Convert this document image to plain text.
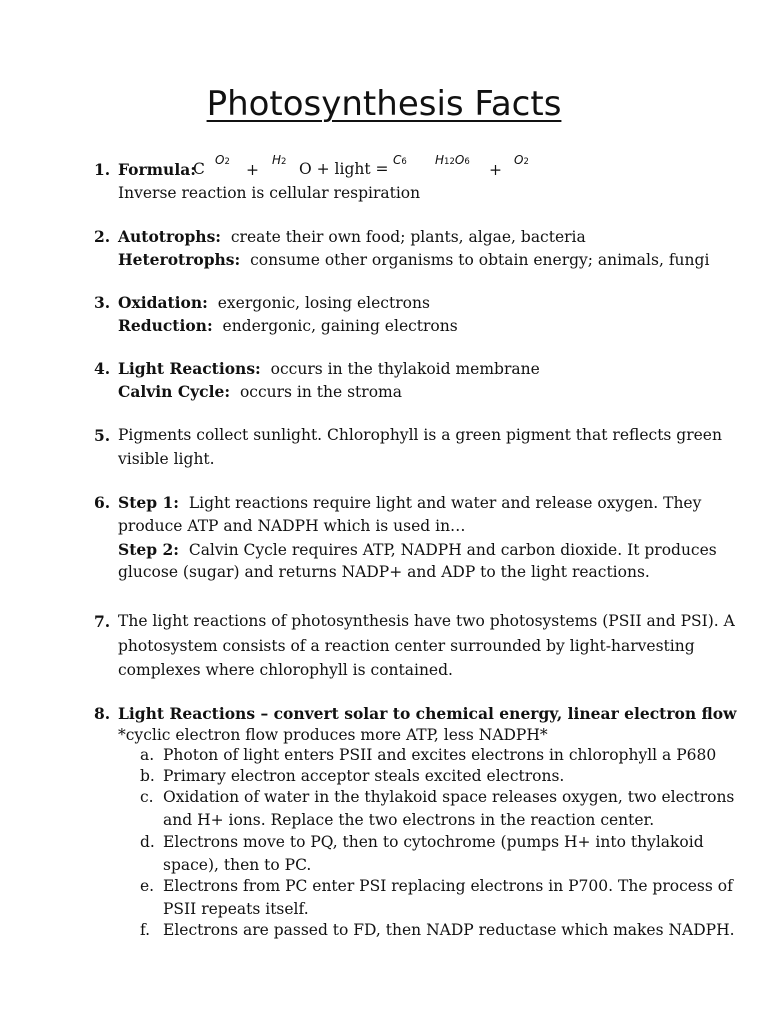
Photosynthesis Facts
1. Formula:
C O2 +
H2 O + light = C6 H12O6 +
O2
Inverse reaction is cellular respiration
2. Autotrophs: create their own food; plants, algae, bacteria
Heterotrophs: consume other organisms to obtain energy; animals, fungi
3. Oxidation: exergonic, losing electrons
Reduction: endergonic, gaining electrons
4. Light Reactions: occurs in the thylakoid membrane
Calvin Cycle: occurs in the stroma
5. Pigments collect sunlight. Chlorophyll is a green pigment that reflects green
visible light.
6. Step 1: Light reactions require light and water and release oxygen. They
produce ATP and NADPH which is used in…
Step 2: Calvin Cycle requires ATP, NADPH and carbon dioxide. It produces
glucose (sugar) and returns NADP+ and ADP to the light reactions.
7. The light reactions of photosynthesis have two photosystems (PSII and PSI). A
photosystem consists of a reaction center surrounded by light-harvesting
complexes where chlorophyll is contained.
8. Light Reactions – convert solar to chemical energy, linear electron flow
*cyclic electron flow produces more ATP, less NADPH*
a. Photon of light enters PSII and excites electrons in chlorophyll a P680
b. Primary electron acceptor steals excited electrons.
c. Oxidation of water in the thylakoid space releases oxygen, two electrons
and H+ ions. Replace the two electrons in the reaction center.
d. Electrons move to PQ, then to cytochrome (pumps H+ into thylakoid
space), then to PC.
e. Electrons from PC enter PSI replacing electrons in P700. The process of
PSII repeats itself.
f. Electrons are passed to FD, then NADP reductase which makes NADPH.
